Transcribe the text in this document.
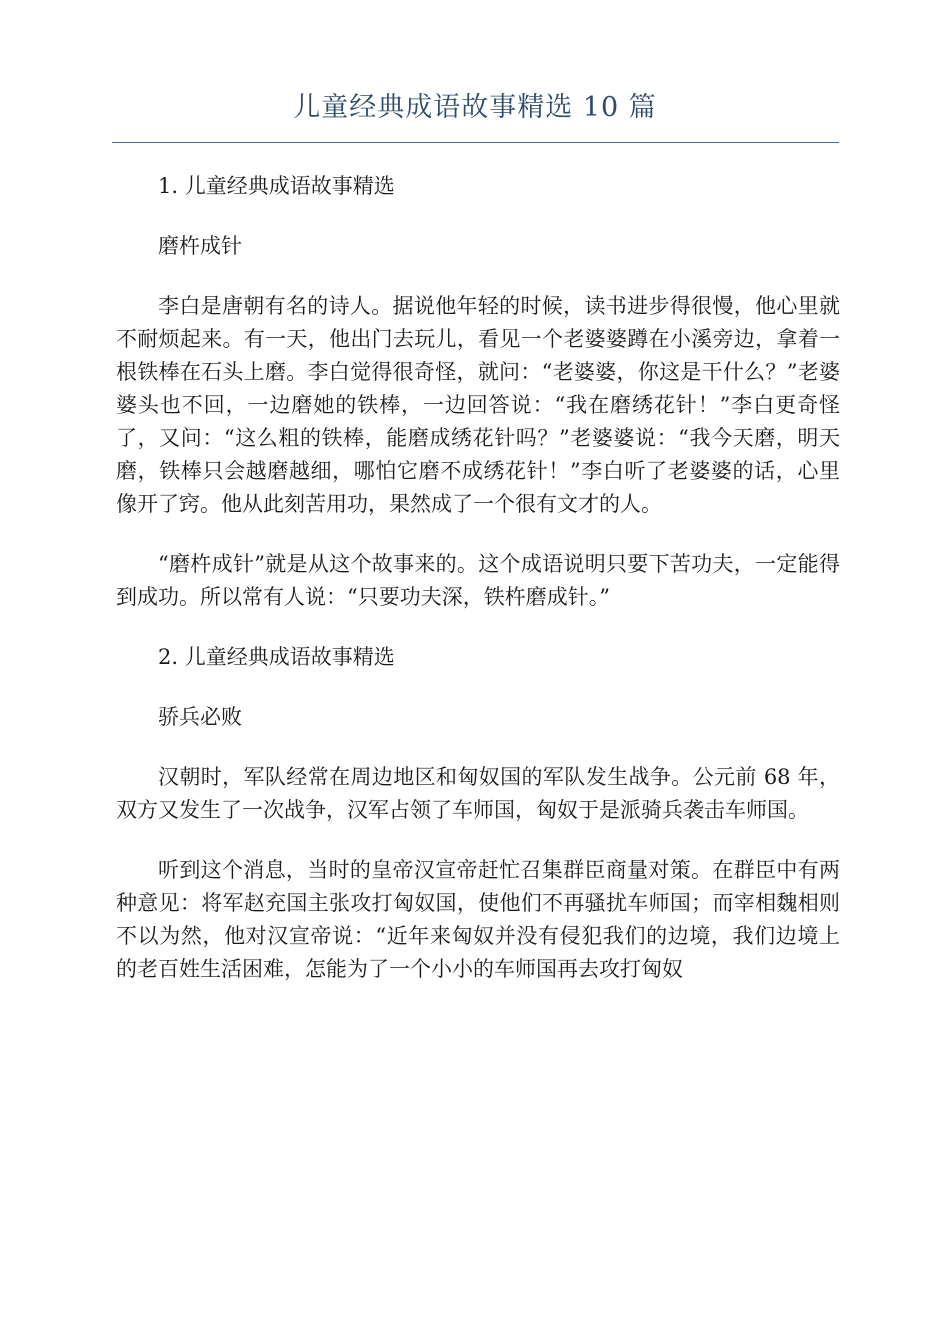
儿童经典成语故事精选 10 篇

1. 儿童经典成语故事精选

磨杵成针

李白是唐朝有名的诗人。据说他年轻的时候，读书进步得很慢，他心里就不耐烦起来。有一天，他出门去玩儿，看见一个老婆婆蹲在小溪旁边，拿着一根铁棒在石头上磨。李白觉得很奇怪，就问：“老婆婆，你这是干什么？”老婆婆头也不回，一边磨她的铁棒，一边回答说：“我在磨绣花针！”李白更奇怪了，又问：“这么粗的铁棒，能磨成绣花针吗？”老婆婆说：“我今天磨，明天磨，铁棒只会越磨越细，哪怕它磨不成绣花针！”李白听了老婆婆的话，心里像开了窍。他从此刻苦用功，果然成了一个很有文才的人。

“磨杵成针”就是从这个故事来的。这个成语说明只要下苦功夫，一定能得到成功。所以常有人说：“只要功夫深，铁杵磨成针。”

2. 儿童经典成语故事精选

骄兵必败

汉朝时，军队经常在周边地区和匈奴国的军队发生战争。公元前 68 年，双方又发生了一次战争，汉军占领了车师国，匈奴于是派骑兵袭击车师国。

听到这个消息，当时的皇帝汉宣帝赶忙召集群臣商量对策。在群臣中有两种意见：将军赵充国主张攻打匈奴国，使他们不再骚扰车师国；而宰相魏相则不以为然，他对汉宣帝说：“近年来匈奴并没有侵犯我们的边境，我们边境上的老百姓生活困难，怎能为了一个小小的车师国再去攻打匈奴
